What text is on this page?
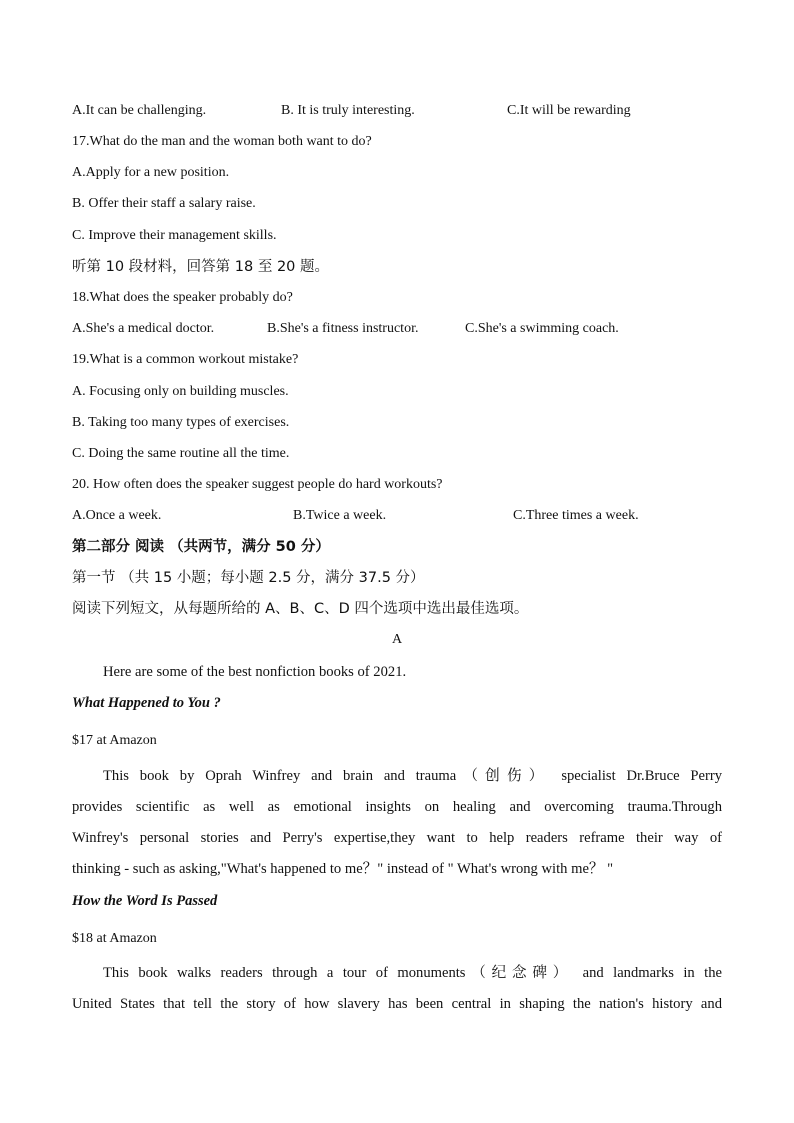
A.It can be challenging.	B. It is truly interesting.	C.It will be rewarding
17.What do the man and the woman both want to do?
A.Apply for a new position.
B. Offer their staff a salary raise.
C. Improve their management skills.
听第 10 段材料，回答第 18 至 20 题。
18.What does the speaker probably do?
A.She's a medical doctor.	B.She's a fitness instructor.	C.She's a swimming coach.
19.What is a common workout mistake?
A. Focusing only on building muscles.
B. Taking too many types of exercises.
C. Doing the same routine all the time.
20. How often does the speaker suggest people do hard workouts?
A.Once a week.	B.Twice a week.	C.Three times a week.
第二部分 阅读 （共两节，满分 50 分）
第一节 （共 15 小题；每小题 2.5 分，满分 37.5 分）
阅读下列短文，从每题所给的 A、B、C、D 四个选项中选出最佳选项。
A
Here are some of the best nonfiction books of 2021.
What Happened to You ?
$17 at Amazon
This book by Oprah Winfrey and brain and trauma（创伤） specialist Dr.Bruce Perry
provides scientific as well as emotional insights on healing and overcoming trauma.Through
Winfrey's personal stories and Perry's expertise,they want to help readers reframe their way of
thinking - such as asking,"What's happened to me？" instead of " What's wrong with me？ "
How the Word Is Passed
$18 at Amazon
This book walks readers through a tour of monuments（纪念碑） and landmarks in the
United States that tell the story of how slavery has been central in shaping the nation's history and
